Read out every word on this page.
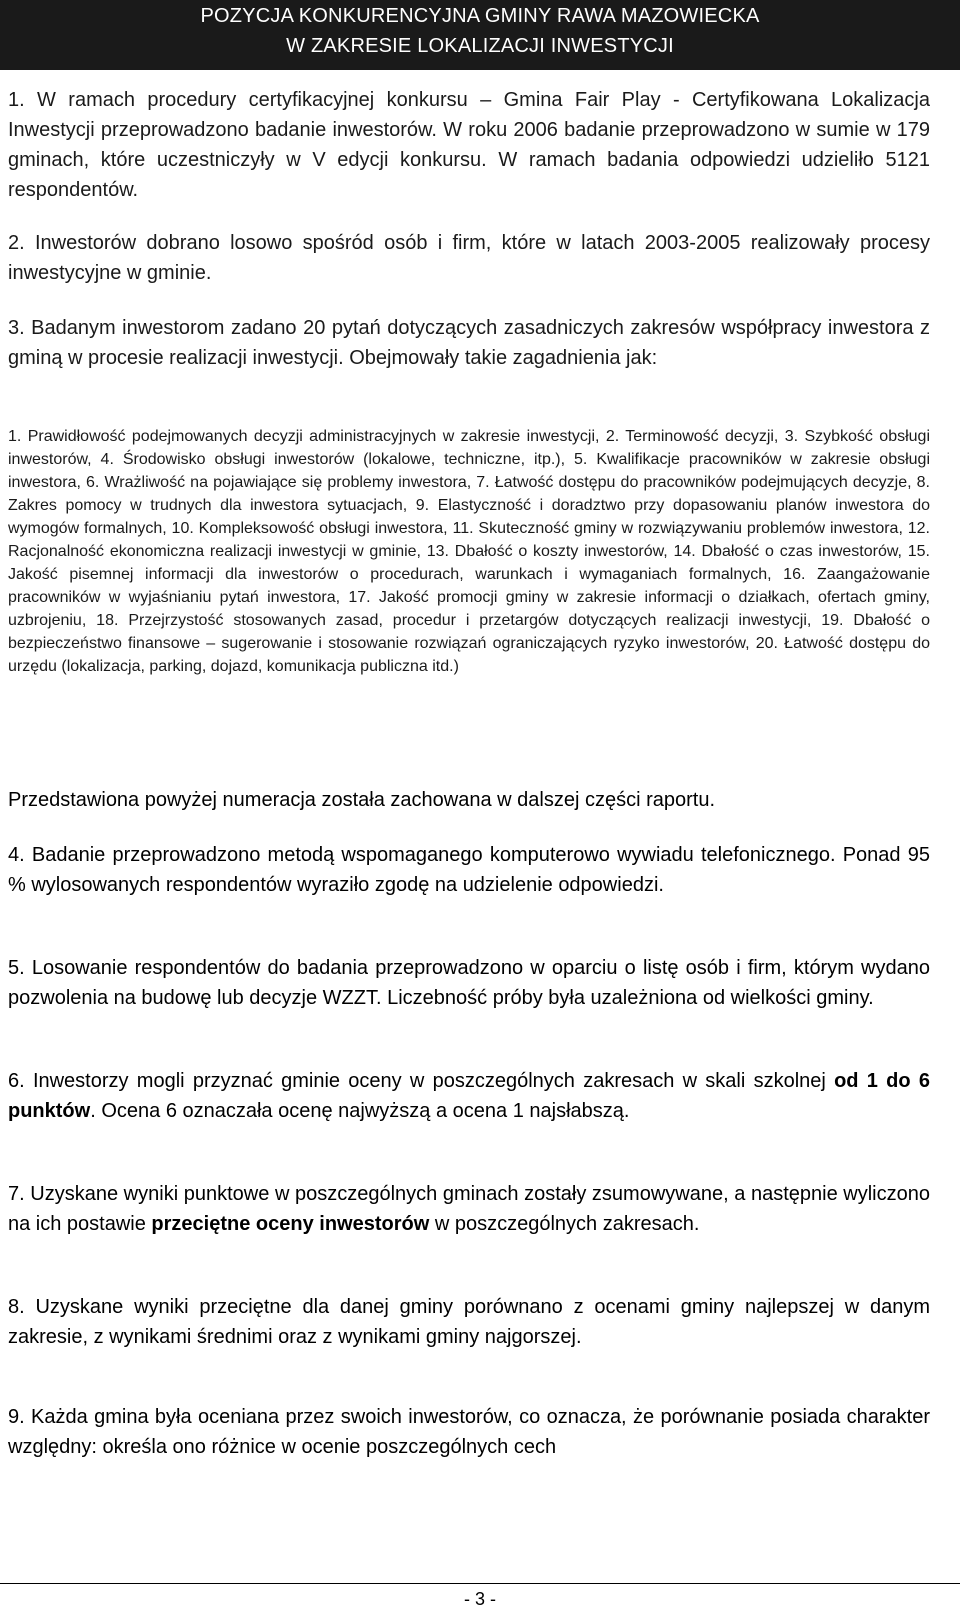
POZYCJA KONKURENCYJNA GMINY RAWA MAZOWIECKA
W ZAKRESIE LOKALIZACJI INWESTYCJI
1. W ramach procedury certyfikacyjnej konkursu – Gmina Fair Play - Certyfikowana Lokalizacja Inwestycji przeprowadzono badanie inwestorów. W roku 2006 badanie przeprowadzono w sumie w 179 gminach, które uczestniczyły w V edycji konkursu. W ramach badania odpowiedzi udzieliło 5121 respondentów.
2. Inwestorów dobrano losowo spośród osób i firm, które w latach 2003-2005 realizowały procesy inwestycyjne w gminie.
3. Badanym inwestorom zadano 20 pytań dotyczących zasadniczych zakresów współpracy inwestora z gminą w procesie realizacji inwestycji. Obejmowały takie zagadnienia jak:
1. Prawidłowość podejmowanych decyzji administracyjnych w zakresie inwestycji, 2. Terminowość decyzji, 3. Szybkość obsługi inwestorów, 4. Środowisko obsługi inwestorów (lokalowe, techniczne, itp.), 5. Kwalifikacje pracowników w zakresie obsługi inwestora, 6. Wrażliwość na pojawiające się problemy inwestora, 7. Łatwość dostępu do pracowników podejmujących decyzje, 8. Zakres pomocy w trudnych dla inwestora sytuacjach, 9. Elastyczność i doradztwo przy dopasowaniu planów inwestora do wymogów formalnych, 10. Kompleksowość obsługi inwestora, 11. Skuteczność gminy w rozwiązywaniu problemów inwestora, 12. Racjonalność ekonomiczna realizacji inwestycji w gminie, 13. Dbałość o koszty inwestorów, 14. Dbałość o czas inwestorów, 15. Jakość pisemnej informacji dla inwestorów o procedurach, warunkach i wymaganiach formalnych, 16. Zaangażowanie pracowników w wyjaśnianiu pytań inwestora, 17. Jakość promocji gminy w zakresie informacji o działkach, ofertach gminy, uzbrojeniu, 18. Przejrzystość stosowanych zasad, procedur i przetargów dotyczących realizacji inwestycji, 19. Dbałość o bezpieczeństwo finansowe – sugerowanie i stosowanie rozwiązań ograniczających ryzyko inwestorów, 20. Łatwość dostępu do urzędu (lokalizacja, parking, dojazd, komunikacja publiczna itd.)
Przedstawiona powyżej numeracja została zachowana w dalszej części raportu.
4. Badanie przeprowadzono metodą wspomaganego komputerowo wywiadu telefonicznego. Ponad 95 % wylosowanych respondentów wyraziło zgodę na udzielenie odpowiedzi.
5. Losowanie respondentów do badania przeprowadzono w oparciu o listę osób i firm, którym wydano pozwolenia na budowę lub decyzje WZZT. Liczebność próby była uzależniona od wielkości gminy.
6. Inwestorzy mogli przyznać gminie oceny w poszczególnych zakresach w skali szkolnej od 1 do 6 punktów. Ocena 6 oznaczała ocenę najwyższą a ocena 1 najsłabszą.
7. Uzyskane wyniki punktowe w poszczególnych gminach zostały zsumowywane, a następnie wyliczono na ich postawie przeciętne oceny inwestorów w poszczególnych zakresach.
8. Uzyskane wyniki przeciętne dla danej gminy porównano z ocenami gminy najlepszej w danym zakresie, z wynikami średnimi oraz z wynikami gminy najgorszej.
9. Każda gmina była oceniana przez swoich inwestorów, co oznacza, że porównanie posiada charakter względny: określa ono różnice w ocenie poszczególnych cech
- 3 -
